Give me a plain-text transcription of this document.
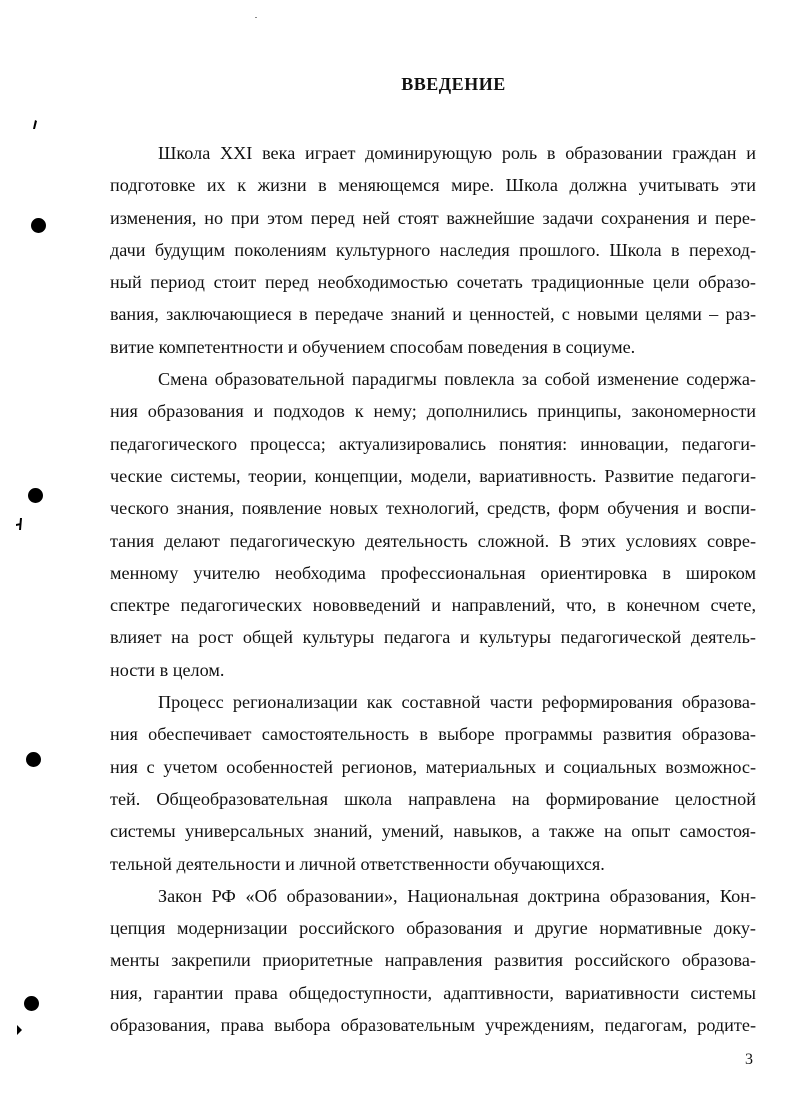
ВВЕДЕНИЕ

Школа XXI века играет доминирующую роль в образовании граждан и
подготовке их к жизни в меняющемся мире. Школа должна учитывать эти
изменения, но при этом перед ней стоят важнейшие задачи сохранения и пере-
дачи будущим поколениям культурного наследия прошлого. Школа в переход-
ный период стоит перед необходимостью сочетать традиционные цели образо-
вания, заключающиеся в передаче знаний и ценностей, с новыми целями – раз-
витие компетентности и обучением способам поведения в социуме.

Смена образовательной парадигмы повлекла за собой изменение содержа-
ния образования и подходов к нему; дополнились принципы, закономерности
педагогического процесса; актуализировались понятия: инновации, педагоги-
ческие системы, теории, концепции, модели, вариативность. Развитие педагоги-
ческого знания, появление новых технологий, средств, форм обучения и воспи-
тания делают педагогическую деятельность сложной. В этих условиях совре-
менному учителю необходима профессиональная ориентировка в широком
спектре педагогических нововведений и направлений, что, в конечном счете,
влияет на рост общей культуры педагога и культуры педагогической деятель-
ности в целом.

Процесс регионализации как составной части реформирования образова-
ния обеспечивает самостоятельность в выборе программы развития образова-
ния с учетом особенностей регионов, материальных и социальных возможнос-
тей. Общеобразовательная школа направлена на формирование целостной
системы универсальных знаний, умений, навыков, а также на опыт самостоя-
тельной деятельности и личной ответственности обучающихся.

Закон РФ «Об образовании», Национальная доктрина образования, Кон-
цепция модернизации российского образования и другие нормативные доку-
менты закрепили приоритетные направления развития российского образова-
ния, гарантии права общедоступности, адаптивности, вариативности системы
образования, права выбора образовательным учреждениям, педагогам, родите-

3
